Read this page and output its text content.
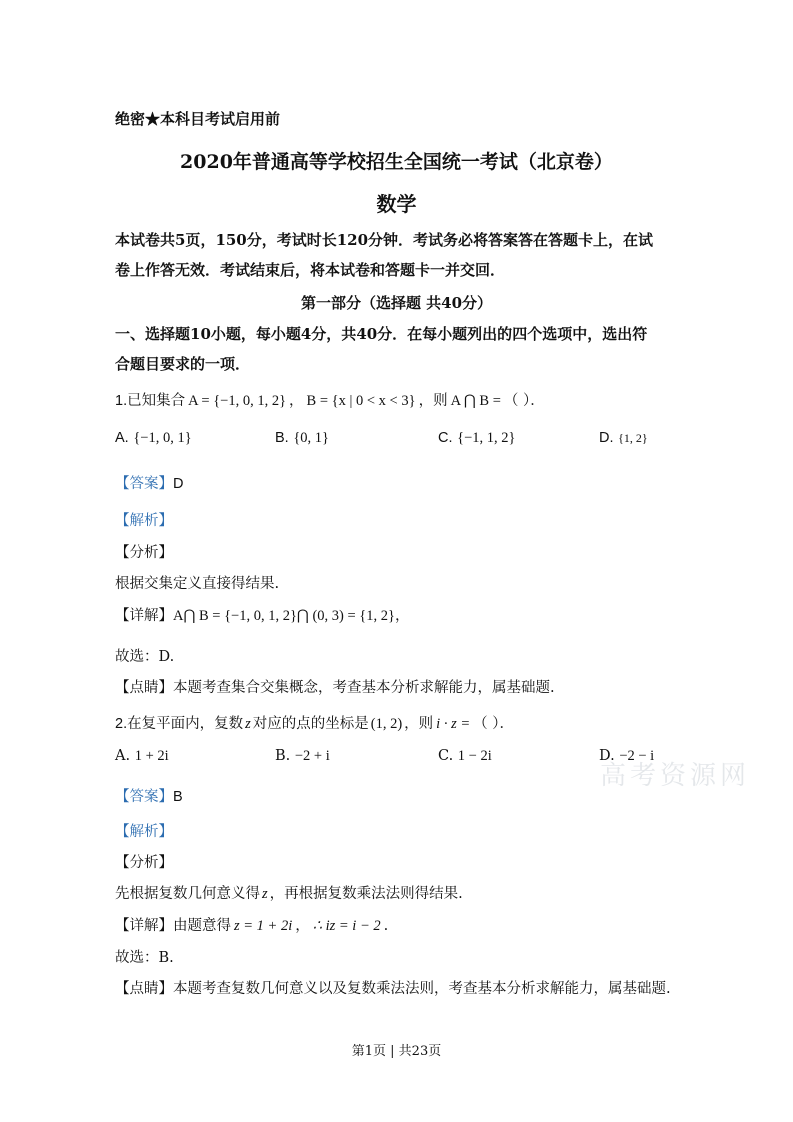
绝密★本科目考试启用前
2020年普通高等学校招生全国统一考试（北京卷）
数学
本试卷共5页，150分，考试时长120分钟．考试务必将答案答在答题卡上，在试
卷上作答无效．考试结束后，将本试卷和答题卡一并交回．
第一部分（选择题 共40分）
一、选择题10小题，每小题4分，共40分．在每小题列出的四个选项中，选出符
合题目要求的一项．
1.已知集合 A = {−1, 0, 1, 2} ， B = {x | 0 < x < 3} ，则 A ⋂ B = （ ）．
A. {−1, 0, 1}	B. {0, 1}	C. {−1, 1, 2}	D. {1, 2}
【答案】D
【解析】
【分析】
根据交集定义直接得结果.
【详解】A⋂ B = {−1, 0, 1, 2}⋂ (0, 3) = {1, 2}，
故选：D.
【点睛】本题考查集合交集概念，考查基本分析求解能力，属基础题.
2.在复平面内，复数 z 对应的点的坐标是 (1, 2) ，则 i · z = （ ）．
A. 1 + 2i	B. −2 + i	C. 1 − 2i	D. −2 − i
高考资源网
【答案】B
【解析】
【分析】
先根据复数几何意义得 z ，再根据复数乘法法则得结果.
【详解】由题意得 z = 1 + 2i ， ∴ iz = i − 2 .
故选：B.
【点睛】本题考查复数几何意义以及复数乘法法则，考查基本分析求解能力，属基础题.
第1页 | 共23页
